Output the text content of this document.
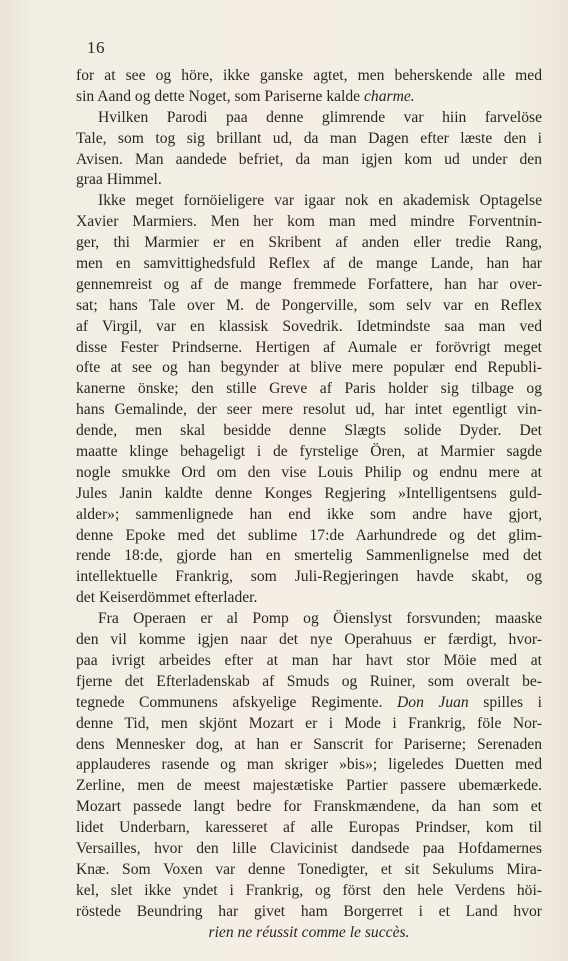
16
for at see og höre, ikke ganske agtet, men beherskende alle med
sin Aand og dette Noget, som Pariserne kalde charme.
Hvilken Parodi paa denne glimrende var hiin farvelöse
Tale, som tog sig brillant ud, da man Dagen efter læste den i
Avisen. Man aandede befriet, da man igjen kom ud under den
graa Himmel.
Ikke meget fornöieligere var igaar nok en akademisk Optagelse
Xavier Marmiers. Men her kom man med mindre Forventnin-
ger, thi Marmier er en Skribent af anden eller tredie Rang,
men en samvittighedsfuld Reflex af de mange Lande, han har
gennemreist og af de mange fremmede Forfattere, han har over-
sat; hans Tale over M. de Pongerville, som selv var en Reflex
af Virgil, var en klassisk Sovedrik. Idetmindste saa man ved
disse Fester Prindserne. Hertigen af Aumale er forövrigt meget
ofte at see og han begynder at blive mere populær end Republi-
kanerne önske; den stille Greve af Paris holder sig tilbage og
hans Gemalinde, der seer mere resolut ud, har intet egentligt vin-
dende, men skal besidde denne Slægts solide Dyder. Det
maatte klinge behageligt i de fyrstelige Ören, at Marmier sagde
nogle smukke Ord om den vise Louis Philip og endnu mere at
Jules Janin kaldte denne Konges Regjering »Intelligentsens guld-
alder»; sammenlignede han end ikke som andre have gjort,
denne Epoke med det sublime 17:de Aarhundrede og det glim-
rende 18:de, gjorde han en smertelig Sammenlignelse med det
intellektuelle Frankrig, som Juli-Regjeringen havde skabt, og
det Keiserdömmet efterlader.
Fra Operaen er al Pomp og Öienslyst forsvunden; maaske
den vil komme igjen naar det nye Operahuus er færdigt, hvor-
paa ivrigt arbeides efter at man har havt stor Möie med at
fjerne det Efterladenskab af Smuds og Ruiner, som overalt be-
tegnede Communens afskyelige Regimente. Don Juan spilles i
denne Tid, men skjönt Mozart er i Mode i Frankrig, föle Nor-
dens Mennesker dog, at han er Sanscrit for Pariserne; Serenaden
applauderes rasende og man skriger »bis»; ligeledes Duetten med
Zerline, men de meest majestætiske Partier passere ubemærkede.
Mozart passede langt bedre for Franskmændene, da han som et
lidet Underbarn, karesseret af alle Europas Prindser, kom til
Versailles, hvor den lille Clavicinist dandsede paa Hofdamernes
Knæ. Som Voxen var denne Tonedigter, et sit Sekulums Mira-
kel, slet ikke yndet i Frankrig, og först den hele Verdens höi-
röstede Beundring har givet ham Borgerret i et Land hvor
rien ne réussit comme le succès.
